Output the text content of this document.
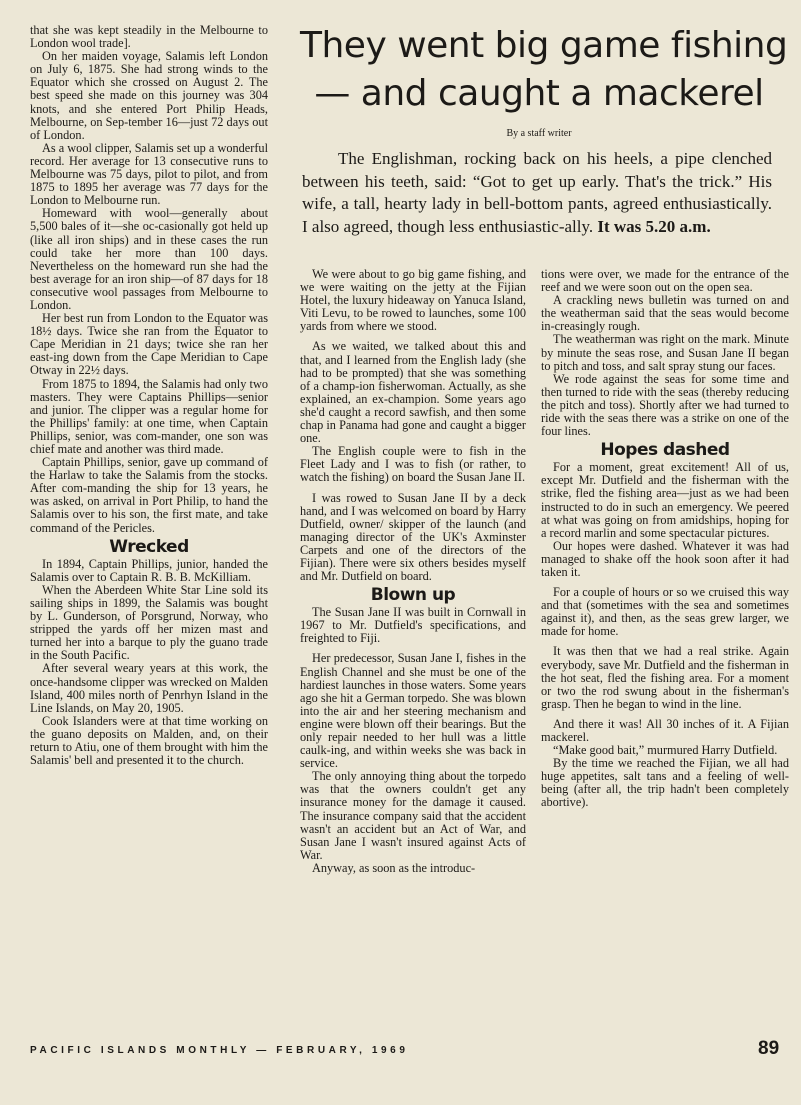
that she was kept steadily in the Melbourne to London wool trade].

On her maiden voyage, Salamis left London on July 6, 1875. She had strong winds to the Equator which she crossed on August 2. The best speed she made on this journey was 304 knots, and she entered Port Philip Heads, Melbourne, on Sep-tember 16—just 72 days out of London.

As a wool clipper, Salamis set up a wonderful record. Her average for 13 consecutive runs to Melbourne was 75 days, pilot to pilot, and from 1875 to 1895 her average was 77 days for the London to Melbourne run.

Homeward with wool—generally about 5,500 bales of it—she oc-casionally got held up (like all iron ships) and in these cases the run could take her more than 100 days. Nevertheless on the homeward run she had the best average for an iron ship—of 87 days for 18 consecutive wool passages from Melbourne to London.

Her best run from London to the Equator was 18½ days. Twice she ran from the Equator to Cape Meridian in 21 days; twice she ran her east-ing down from the Cape Meridian to Cape Otway in 22½ days.

From 1875 to 1894, the Salamis had only two masters. They were Captains Phillips—senior and junior. The clipper was a regular home for the Phillips' family: at one time, when Captain Phillips, senior, was com-mander, one son was chief mate and another was third made.

Captain Phillips, senior, gave up command of the Harlaw to take the Salamis from the stocks. After com-manding the ship for 13 years, he was asked, on arrival in Port Philip, to hand the Salamis over to his son, the first mate, and take command of the Pericles.

Wrecked

In 1894, Captain Phillips, junior, handed the Salamis over to Captain R. B. B. McKilliam.

When the Aberdeen White Star Line sold its sailing ships in 1899, the Salamis was bought by L. Gunderson, of Porsgrund, Norway, who stripped the yards off her mizen mast and turned her into a barque to ply the guano trade in the South Pacific.

After several weary years at this work, the once-handsome clipper was wrecked on Malden Island, 400 miles north of Penrhyn Island in the Line Islands, on May 20, 1905.

Cook Islanders were at that time working on the guano deposits on Malden, and, on their return to Atiu, one of them brought with him the Salamis' bell and presented it to the church.

They went big game fishing
— and caught a mackerel
By a staff writer

The Englishman, rocking back on his heels, a pipe clenched between his teeth, said: “Got to get up early. That's the trick.” His wife, a tall, hearty lady in bell-bottom pants, agreed enthusiastically. I also agreed, though less enthusiastic-ally. It was 5.20 a.m.

We were about to go big game fishing, and we were waiting on the jetty at the Fijian Hotel, the luxury hideaway on Yanuca Island, Viti Levu, to be rowed to launches, some 100 yards from where we stood.

As we waited, we talked about this and that, and I learned from the English lady (she had to be prompted) that she was something of a champ-ion fisherwoman. Actually, as she explained, an ex-champion. Some years ago she'd caught a record sawfish, and then some chap in Panama had gone and caught a bigger one.

The English couple were to fish in the Fleet Lady and I was to fish (or rather, to watch the fishing) on board the Susan Jane II.

I was rowed to Susan Jane II by a deck hand, and I was welcomed on board by Harry Dutfield, owner/ skipper of the launch (and managing director of the UK's Axminster Carpets and one of the directors of the Fijian). There were six others besides myself and Mr. Dutfield on board.

Blown up

The Susan Jane II was built in Cornwall in 1967 to Mr. Dutfield's specifications, and freighted to Fiji.

Her predecessor, Susan Jane I, fishes in the English Channel and she must be one of the hardiest launches in those waters. Some years ago she hit a German torpedo. She was blown into the air and her steering mechanism and engine were blown off their bearings. But the only repair needed to her hull was a little caulk-ing, and within weeks she was back in service.

The only annoying thing about the torpedo was that the owners couldn't get any insurance money for the damage it caused. The insurance company said that the accident wasn't an accident but an Act of War, and Susan Jane I wasn't insured against Acts of War.

Anyway, as soon as the introduc-

tions were over, we made for the entrance of the reef and we were soon out on the open sea.

A crackling news bulletin was turned on and the weatherman said that the seas would become in-creasingly rough.

The weatherman was right on the mark. Minute by minute the seas rose, and Susan Jane II began to pitch and toss, and salt spray stung our faces.

We rode against the seas for some time and then turned to ride with the seas (thereby reducing the pitch and toss). Shortly after we had turned to ride with the seas there was a strike on one of the four lines.

Hopes dashed

For a moment, great excitement! All of us, except Mr. Dutfield and the fisherman with the strike, fled the fishing area—just as we had been instructed to do in such an emergency. We peered at what was going on from amidships, hoping for a record marlin and some spectacular pictures.

Our hopes were dashed. Whatever it was had managed to shake off the hook soon after it had taken it.

For a couple of hours or so we cruised this way and that (sometimes with the sea and sometimes against it), and then, as the seas grew larger, we made for home.

It was then that we had a real strike. Again everybody, save Mr. Dutfield and the fisherman in the hot seat, fled the fishing area. For a moment or two the rod swung about in the fisherman's grasp. Then he began to wind in the line.

And there it was! All 30 inches of it. A Fijian mackerel.

“Make good bait,” murmured Harry Dutfield.

By the time we reached the Fijian, we all had huge appetites, salt tans and a feeling of well-being (after all, the trip hadn't been completely abortive).

PACIFIC ISLANDS MONTHLY — FEBRUARY, 1969	89
